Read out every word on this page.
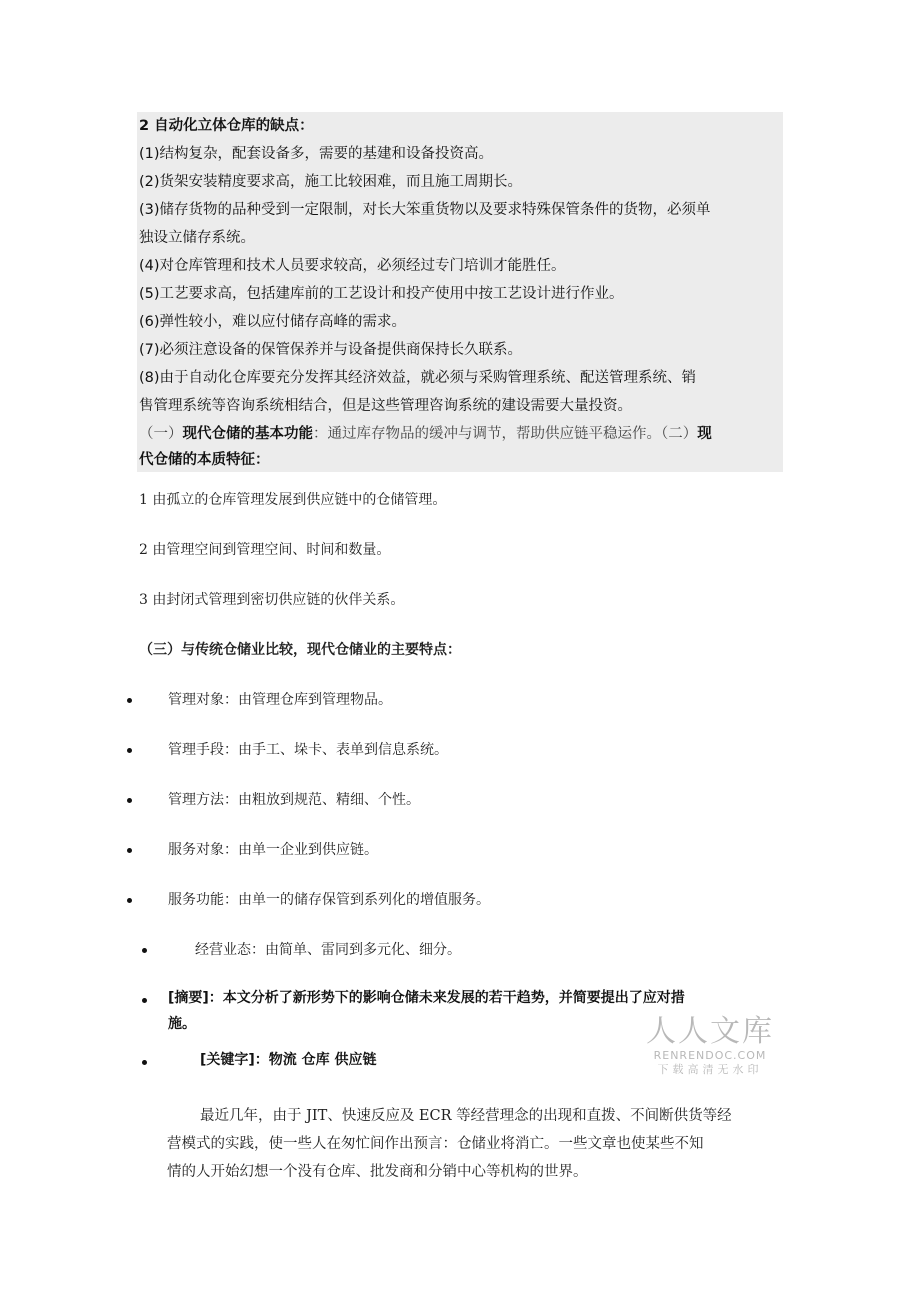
2 自动化立体仓库的缺点：
(1)结构复杂，配套设备多，需要的基建和设备投资高。
(2)货架安装精度要求高，施工比较困难，而且施工周期长。
(3)储存货物的品种受到一定限制，对长大笨重货物以及要求特殊保管条件的货物，必须单
独设立储存系统。
(4)对仓库管理和技术人员要求较高，必须经过专门培训才能胜任。
(5)工艺要求高，包括建库前的工艺设计和投产使用中按工艺设计进行作业。
(6)弹性较小，难以应付储存高峰的需求。
(7)必须注意设备的保管保养并与设备提供商保持长久联系。
(8)由于自动化仓库要充分发挥其经济效益，就必须与采购管理系统、配送管理系统、销
售管理系统等咨询系统相结合，但是这些管理咨询系统的建设需要大量投资。
（一）现代仓储的基本功能：通过库存物品的缓冲与调节，帮助供应链平稳运作。（二）现
代仓储的本质特征：
1 由孤立的仓库管理发展到供应链中的仓储管理。
2 由管理空间到管理空间、时间和数量。
3 由封闭式管理到密切供应链的伙伴关系。
（三）与传统仓储业比较，现代仓储业的主要特点：
管理对象：由管理仓库到管理物品。
管理手段：由手工、垛卡、表单到信息系统。
管理方法：由粗放到规范、精细、个性。
服务对象：由单一企业到供应链。
服务功能：由单一的储存保管到系列化的增值服务。
经营业态：由简单、雷同到多元化、细分。
[摘要]：本文分析了新形势下的影响仓储未来发展的若干趋势，并简要提出了应对措
施。
[关键字]：物流 仓库 供应链
人人文库
RENRENDOC.COM
下载高清无水印
最近几年，由于 JIT、快速反应及 ECR 等经营理念的出现和直拨、不间断供货等经
营模式的实践，使一些人在匆忙间作出预言：仓储业将消亡。一些文章也使某些不知
情的人开始幻想一个没有仓库、批发商和分销中心等机构的世界。
